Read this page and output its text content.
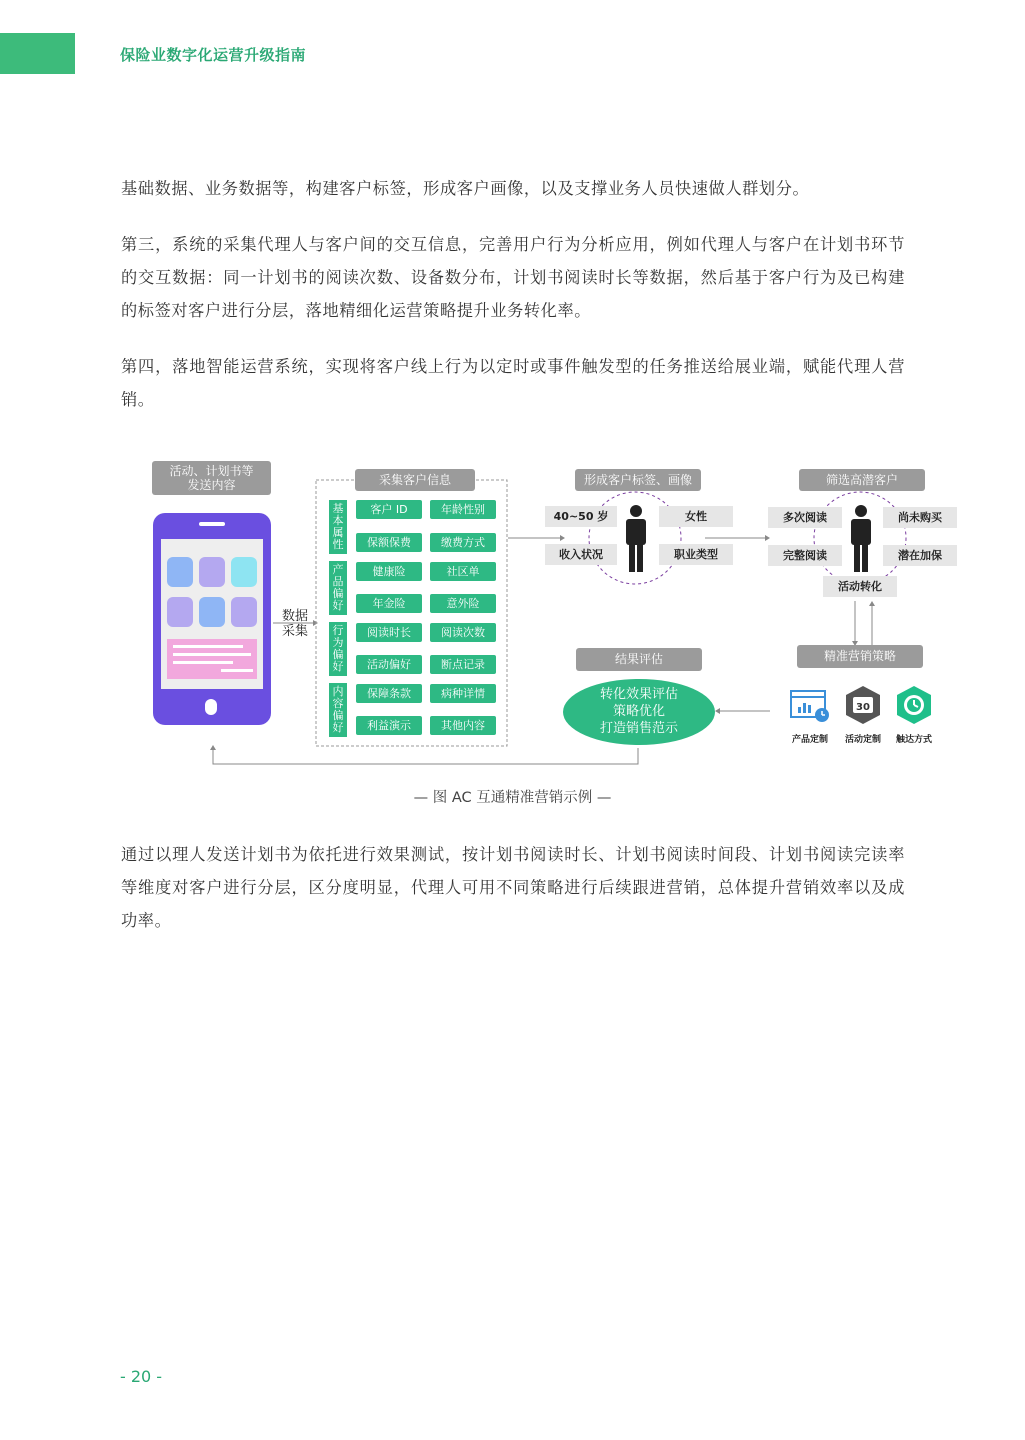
保险业数字化运营升级指南
基础数据、业务数据等，构建客户标签，形成客户画像，以及支撑业务人员快速做人群划分。
第三，系统的采集代理人与客户间的交互信息，完善用户行为分析应用，例如代理人与客户在计划书环节的交互数据：同一计划书的阅读次数、设备数分布，计划书阅读时长等数据，然后基于客户行为及已构建的标签对客户进行分层，落地精细化运营策略提升业务转化率。
第四，落地智能运营系统，实现将客户线上行为以定时或事件触发型的任务推送给展业端，赋能代理人营销。
活动、计划书等
发送内容
数据
采集
采集客户信息
基本属性
客户 ID	年龄性别
保额保费	缴费方式
产品偏好
健康险	社区单
年金险	意外险
行为偏好
阅读时长	阅读次数
活动偏好	断点记录
内容偏好
保障条款	病种详情
利益演示	其他内容
形成客户标签、画像
40~50 岁	女性
收入状况	职业类型
筛选高潜客户
多次阅读	尚未购买
完整阅读	潜在加保
活动转化
精准营销策略
30
产品定制	活动定制	触达方式
结果评估
转化效果评估
策略优化
打造销售范示
— 图 AC 互通精准营销示例 —
通过以理人发送计划书为依托进行效果测试，按计划书阅读时长、计划书阅读时间段、计划书阅读完读率等维度对客户进行分层，区分度明显，代理人可用不同策略进行后续跟进营销，总体提升营销效率以及成功率。
- 20 -
